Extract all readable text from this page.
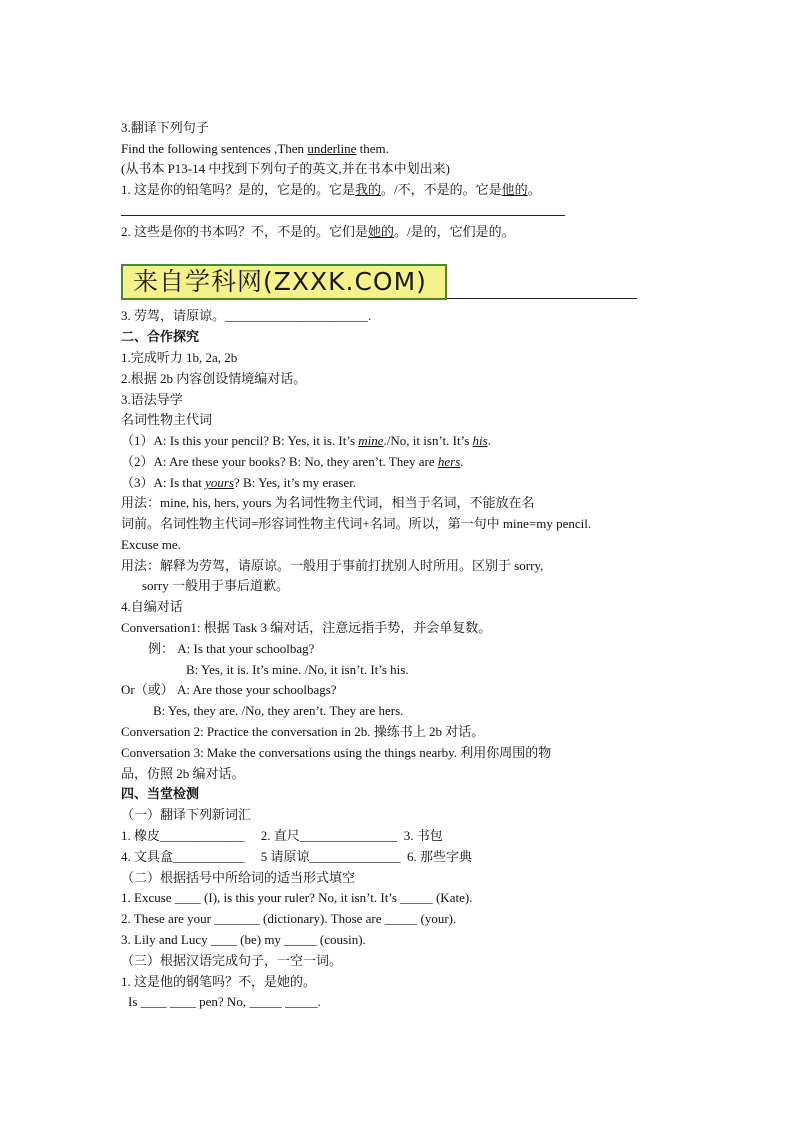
3.翻译下列句子
Find the following sentences ,Then underline them.
(从书本 P13-14 中找到下列句子的英文,并在书本中划出来)
1. 这是你的铅笔吗？是的，它是的。它是我的。/不，不是的。它是他的。
2. 这些是你的书本吗？不，不是的。它们是她的。/是的，它们是的。
来自学科网(ZXXK.COM)
3. 劳驾，请原谅。______________________.
二、合作探究
1.完成听力 1b, 2a, 2b
2.根据 2b 内容创设情境编对话。
3.语法导学
名词性物主代词
（1）A: Is this your pencil? B: Yes, it is. It’s mine./No, it isn’t. It’s his.
（2）A: Are these your books? B: No, they aren’t. They are hers.
（3）A: Is that yours? B: Yes, it’s my eraser.
用法：mine, his, hers, yours 为名词性物主代词，相当于名词，不能放在名
词前。名词性物主代词=形容词性物主代词+名词。所以，第一句中 mine=my pencil.
Excuse me.
用法：解释为劳驾，请原谅。一般用于事前打扰别人时所用。区别于 sorry,
sorry 一般用于事后道歉。
4.自编对话
Conversation1: 根据 Task 3 编对话，注意远指手势，并会单复数。
例： A: Is that your schoolbag?
B: Yes, it is. It’s mine. /No, it isn’t. It’s his.
Or（或） A: Are those your schoolbags?
B: Yes, they are. /No, they aren’t. They are hers.
Conversation 2: Practice the conversation in 2b. 操练书上 2b 对话。
Conversation 3: Make the conversations using the things nearby. 利用你周围的物
品，仿照 2b 编对话。
四、当堂检测
（一）翻译下列新词汇
1. 橡皮_____________     2. 直尺_______________  3. 书包
4. 文具盒___________     5 请原谅______________  6. 那些字典
（二）根据括号中所给词的适当形式填空
1. Excuse ____ (I), is this your ruler? No, it isn’t. It’s _____ (Kate).
2. These are your _______ (dictionary). Those are _____ (your).
3. Lily and Lucy ____ (be) my _____ (cousin).
（三）根据汉语完成句子，一空一词。
1. 这是他的钢笔吗？不，是她的。
Is ____ ____ pen? No, _____ _____.
